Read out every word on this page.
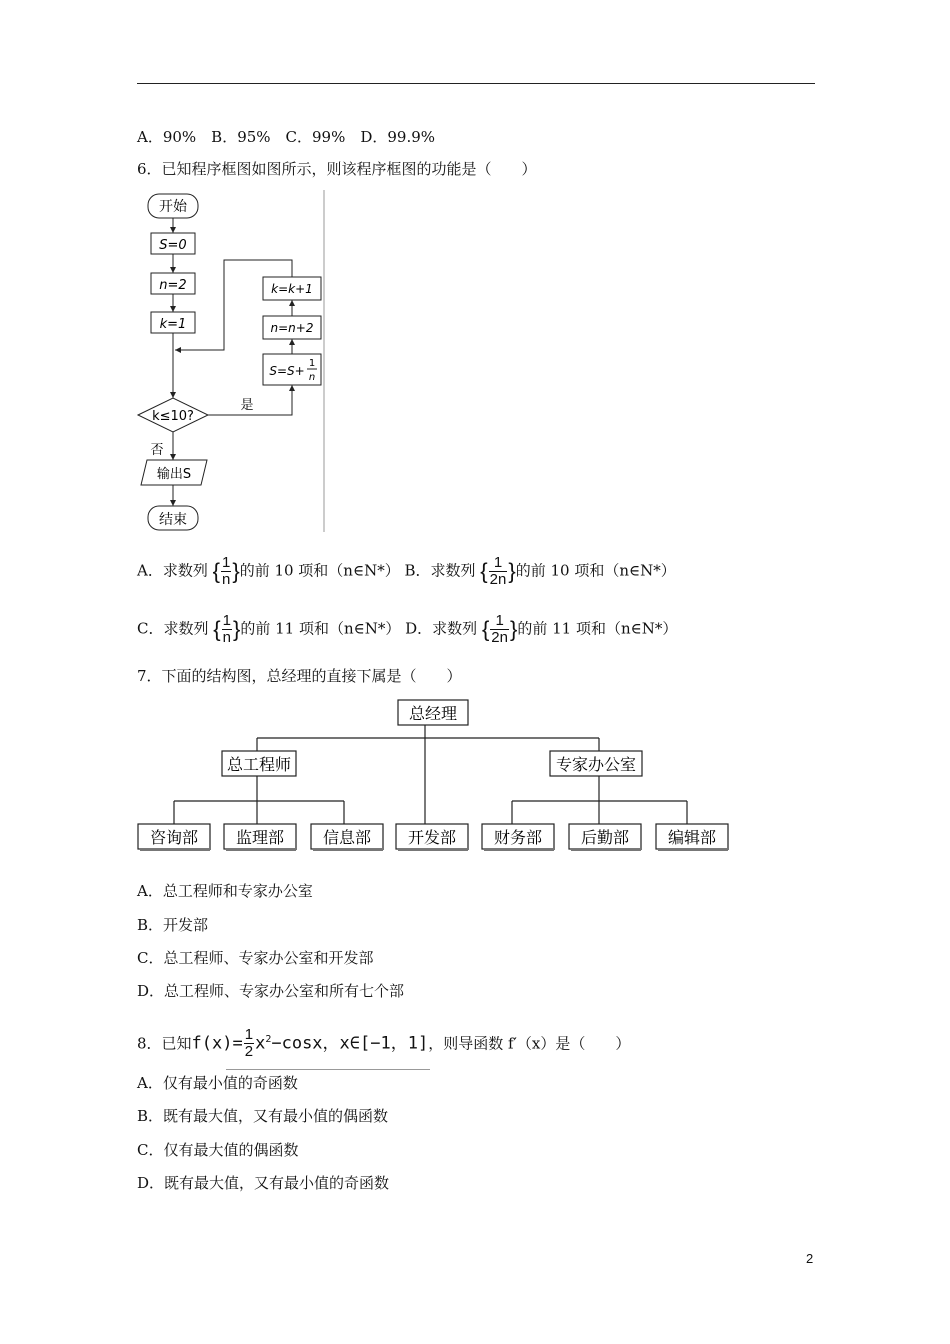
A．90%　B．95%　C．99%　D．99.9%
6．已知程序框图如图所示，则该程序框图的功能是（　　）
开始
S=0
n=2
k=1
k≤10?
是
否
输出S
结束
k=k+1
n=n+2
S=S+
1
n
A．求数列 { $\frac{1}{n}$ }的前 10 项和（n∈N*） B．求数列 { $\frac{1}{2n}$ }的前 10 项和（n∈N*）
C．求数列 { $\frac{1}{n}$ }的前 11 项和（n∈N*） D．求数列 { $\frac{1}{2n}$ }的前 11 项和（n∈N*）
7．下面的结构图，总经理的直接下属是（　　）
总经理
总工程师	专家办公室
咨询部 监理部 信息部 开发部 财务部 后勤部 编辑部
A．总工程师和专家办公室
B．开发部
C．总工程师、专家办公室和开发部
D．总工程师、专家办公室和所有七个部
8．已知$f(x)= \frac{1}{2} x^2-\cos x$，x∈[−1，1]
，则导函数 f′（x）是（　　）
A．仅有最小值的奇函数
B．既有最大值，又有最小值的偶函数
C．仅有最大值的偶函数
D．既有最大值，又有最小值的奇函数
2
